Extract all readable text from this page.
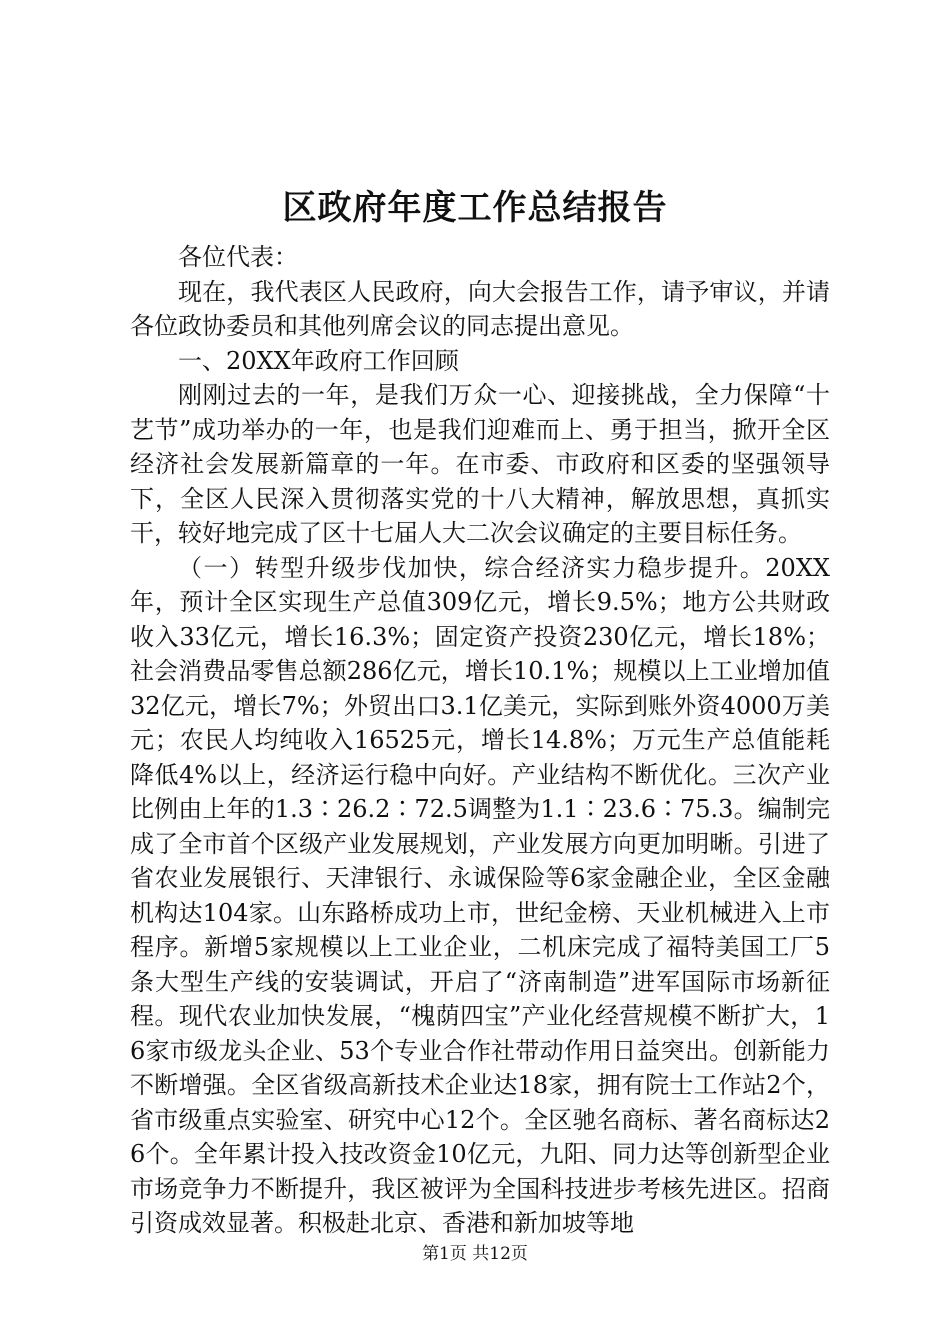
区政府年度工作总结报告

各位代表：

现在，我代表区人民政府，向大会报告工作，请予审议，并请各位政协委员和其他列席会议的同志提出意见。

一、20XX年政府工作回顾

刚刚过去的一年，是我们万众一心、迎接挑战，全力保障“十艺节”成功举办的一年，也是我们迎难而上、勇于担当，掀开全区经济社会发展新篇章的一年。在市委、市政府和区委的坚强领导下，全区人民深入贯彻落实党的十八大精神，解放思想，真抓实干，较好地完成了区十七届人大二次会议确定的主要目标任务。

（一）转型升级步伐加快，综合经济实力稳步提升。20XX年，预计全区实现生产总值309亿元，增长9.5%；地方公共财政收入33亿元，增长16.3%；固定资产投资230亿元，增长18%；社会消费品零售总额286亿元，增长10.1%；规模以上工业增加值32亿元，增长7%；外贸出口3.1亿美元，实际到账外资4000万美元；农民人均纯收入16525元，增长14.8%；万元生产总值能耗降低4%以上，经济运行稳中向好。产业结构不断优化。三次产业比例由上年的1.3∶26.2∶72.5调整为1.1∶23.6∶75.3。编制完成了全市首个区级产业发展规划，产业发展方向更加明晰。引进了省农业发展银行、天津银行、永诚保险等6家金融企业，全区金融机构达104家。山东路桥成功上市，世纪金榜、天业机械进入上市程序。新增5家规模以上工业企业，二机床完成了福特美国工厂5条大型生产线的安装调试，开启了“济南制造”进军国际市场新征程。现代农业加快发展，“槐荫四宝”产业化经营规模不断扩大，16家市级龙头企业、53个专业合作社带动作用日益突出。创新能力不断增强。全区省级高新技术企业达18家，拥有院士工作站2个，省市级重点实验室、研究中心12个。全区驰名商标、著名商标达26个。全年累计投入技改资金10亿元，九阳、同力达等创新型企业市场竞争力不断提升，我区被评为全国科技进步考核先进区。招商引资成效显著。积极赴北京、香港和新加坡等地

第1页 共12页
